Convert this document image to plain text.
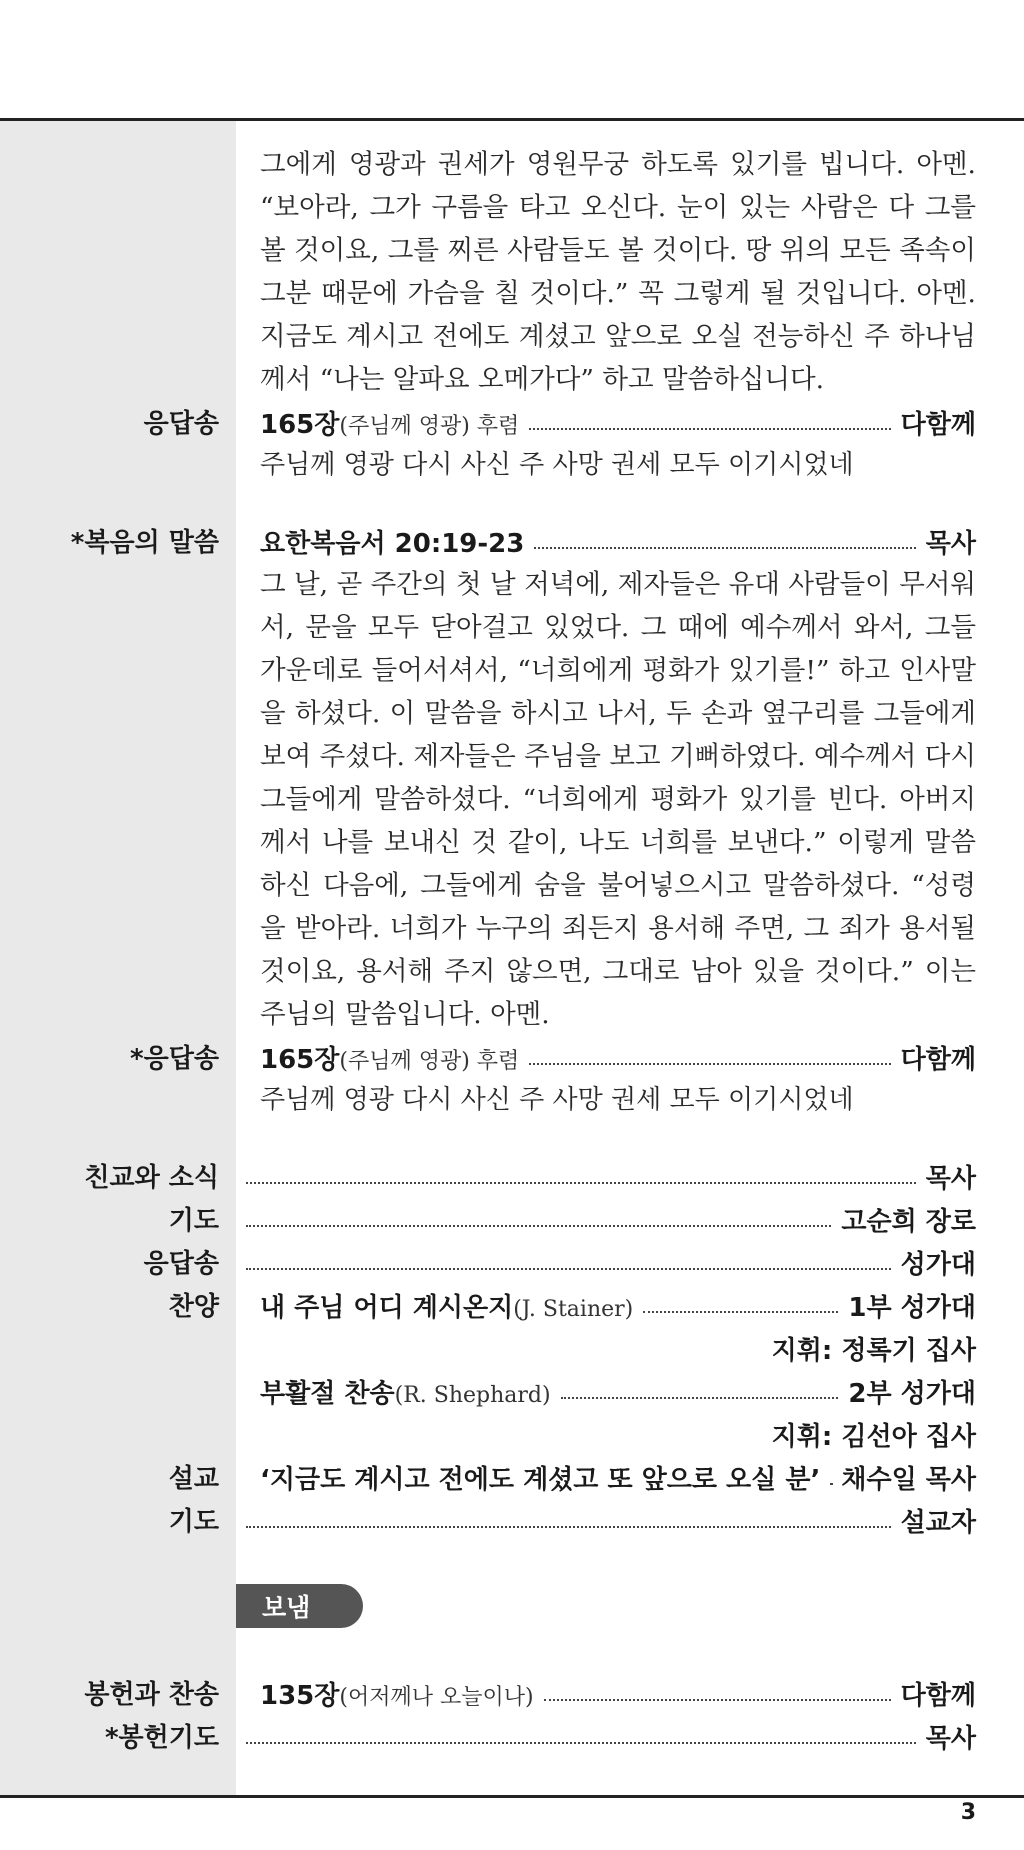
그에게 영광과 권세가 영원무궁 하도록 있기를 빕니다. 아멘. “보아라, 그가 구름을 타고 오신다. 눈이 있는 사람은 다 그를 볼 것이요, 그를 찌른 사람들도 볼 것이다. 땅 위의 모든 족속이 그분 때문에 가슴을 칠 것이다.” 꼭 그렇게 될 것입니다. 아멘. 지금도 계시고 전에도 계셨고 앞으로 오실 전능하신 주 하나님께서 “나는 알파요 오메가다” 하고 말씀하십니다.
응답송 165장(주님께 영광) 후렴	다함께
주님께 영광 다시 사신 주 사망 권세 모두 이기시었네
*복음의 말씀 요한복음서 20:19-23	목사
그 날, 곧 주간의 첫 날 저녁에, 제자들은 유대 사람들이 무서워서, 문을 모두 닫아걸고 있었다. 그 때에 예수께서 와서, 그들 가운데로 들어서셔서, “너희에게 평화가 있기를!” 하고 인사말을 하셨다. 이 말씀을 하시고 나서, 두 손과 옆구리를 그들에게 보여 주셨다. 제자들은 주님을 보고 기뻐하였다. 예수께서 다시 그들에게 말씀하셨다. “너희에게 평화가 있기를 빈다. 아버지께서 나를 보내신 것 같이, 나도 너희를 보낸다.” 이렇게 말씀하신 다음에, 그들에게 숨을 불어넣으시고 말씀하셨다. “성령을 받아라. 너희가 누구의 죄든지 용서해 주면, 그 죄가 용서될 것이요, 용서해 주지 않으면, 그대로 남아 있을 것이다.” 이는 주님의 말씀입니다. 아멘.
*응답송 165장(주님께 영광) 후렴	다함께
주님께 영광 다시 사신 주 사망 권세 모두 이기시었네
친교와 소식	목사
기도	고순희 장로
응답송	성가대
찬양 내 주님 어디 계시온지(J. Stainer)	1부 성가대
지휘: 정록기 집사
부활절 찬송(R. Shephard)	2부 성가대
지휘: 김선아 집사
설교 ‘지금도 계시고 전에도 계셨고 또 앞으로 오실 분’ 채수일 목사
기도	설교자
보냄
봉헌과 찬송 135장(어저께나 오늘이나)	다함께
*봉헌기도	목사
3
